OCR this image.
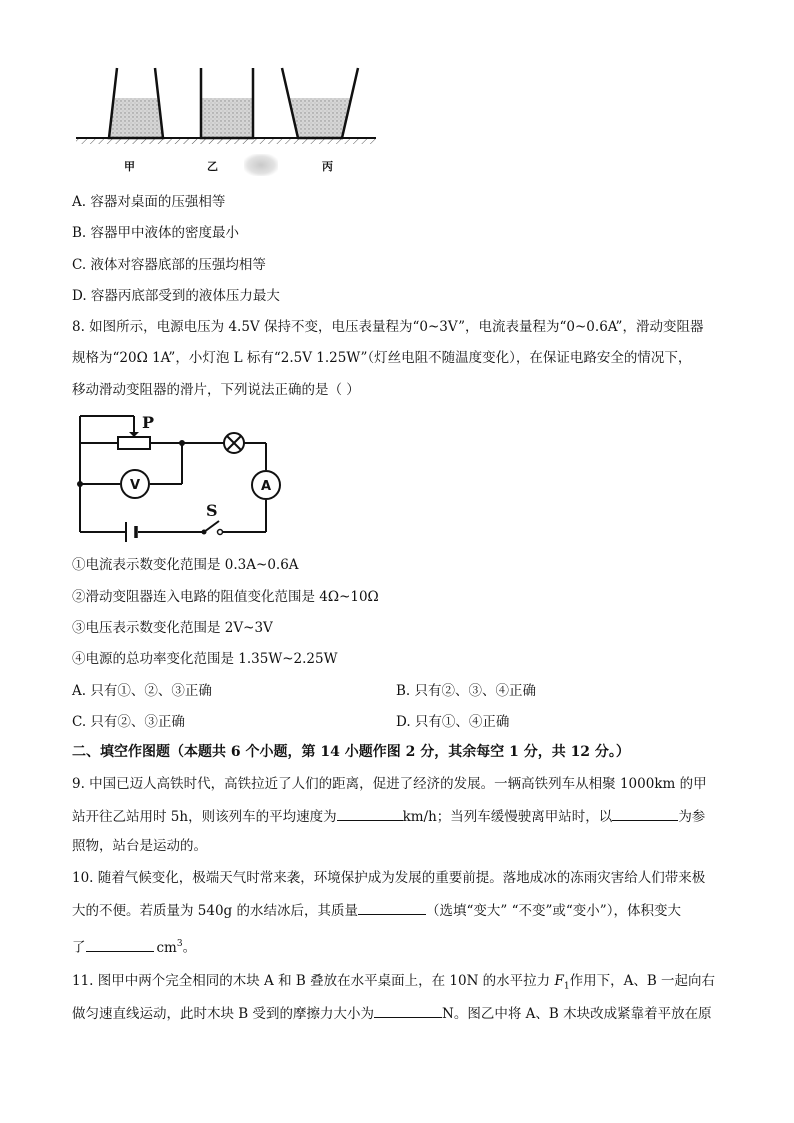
甲	乙	丙
A. 容器对桌面的压强相等
B. 容器甲中液体的密度最小
C. 液体对容器底部的压强均相等
D. 容器丙底部受到的液体压力最大
8. 如图所示，电源电压为 4.5V 保持不变，电压表量程为“0~3V”，电流表量程为“0~0.6A”，滑动变阻器
规格为“20Ω 1A”，小灯泡 L 标有“2.5V 1.25W”（灯丝电阻不随温度变化），在保证电路安全的情况下，
移动滑动变阻器的滑片，下列说法正确的是（ ）
P
V	A
S
①电流表示数变化范围是 0.3A~0.6A
②滑动变阻器连入电路的阻值变化范围是 4Ω~10Ω
③电压表示数变化范围是 2V~3V
④电源的总功率变化范围是 1.35W~2.25W
A. 只有①、②、③正确	B. 只有②、③、④正确
C. 只有②、③正确	D. 只有①、④正确
二、填空作图题（本题共 6 个小题，第 14 小题作图 2 分，其余每空 1 分，共 12 分。）
9. 中国已迈人高铁时代，高铁拉近了人们的距离，促进了经济的发展。一辆高铁列车从相聚 1000km 的甲
站开往乙站用时 5h，则该列车的平均速度为	km/h；当列车缓慢驶离甲站时，以	为参
照物，站台是运动的。
10. 随着气候变化，极端天气时常来袭，环境保护成为发展的重要前提。落地成冰的冻雨灾害给人们带来极
大的不便。若质量为 540g 的水结冰后，其质量	（选填“变大” “不变”或“变小”），体积变大
了	$cm^3$。
11. 图甲中两个完全相同的木块 A 和 B 叠放在水平桌面上，在 10N 的水平拉力 $F_1$作用下，A、B 一起向右
做匀速直线运动，此时木块 B 受到的摩擦力大小为	N。图乙中将 A、B 木块改成紧靠着平放在原
